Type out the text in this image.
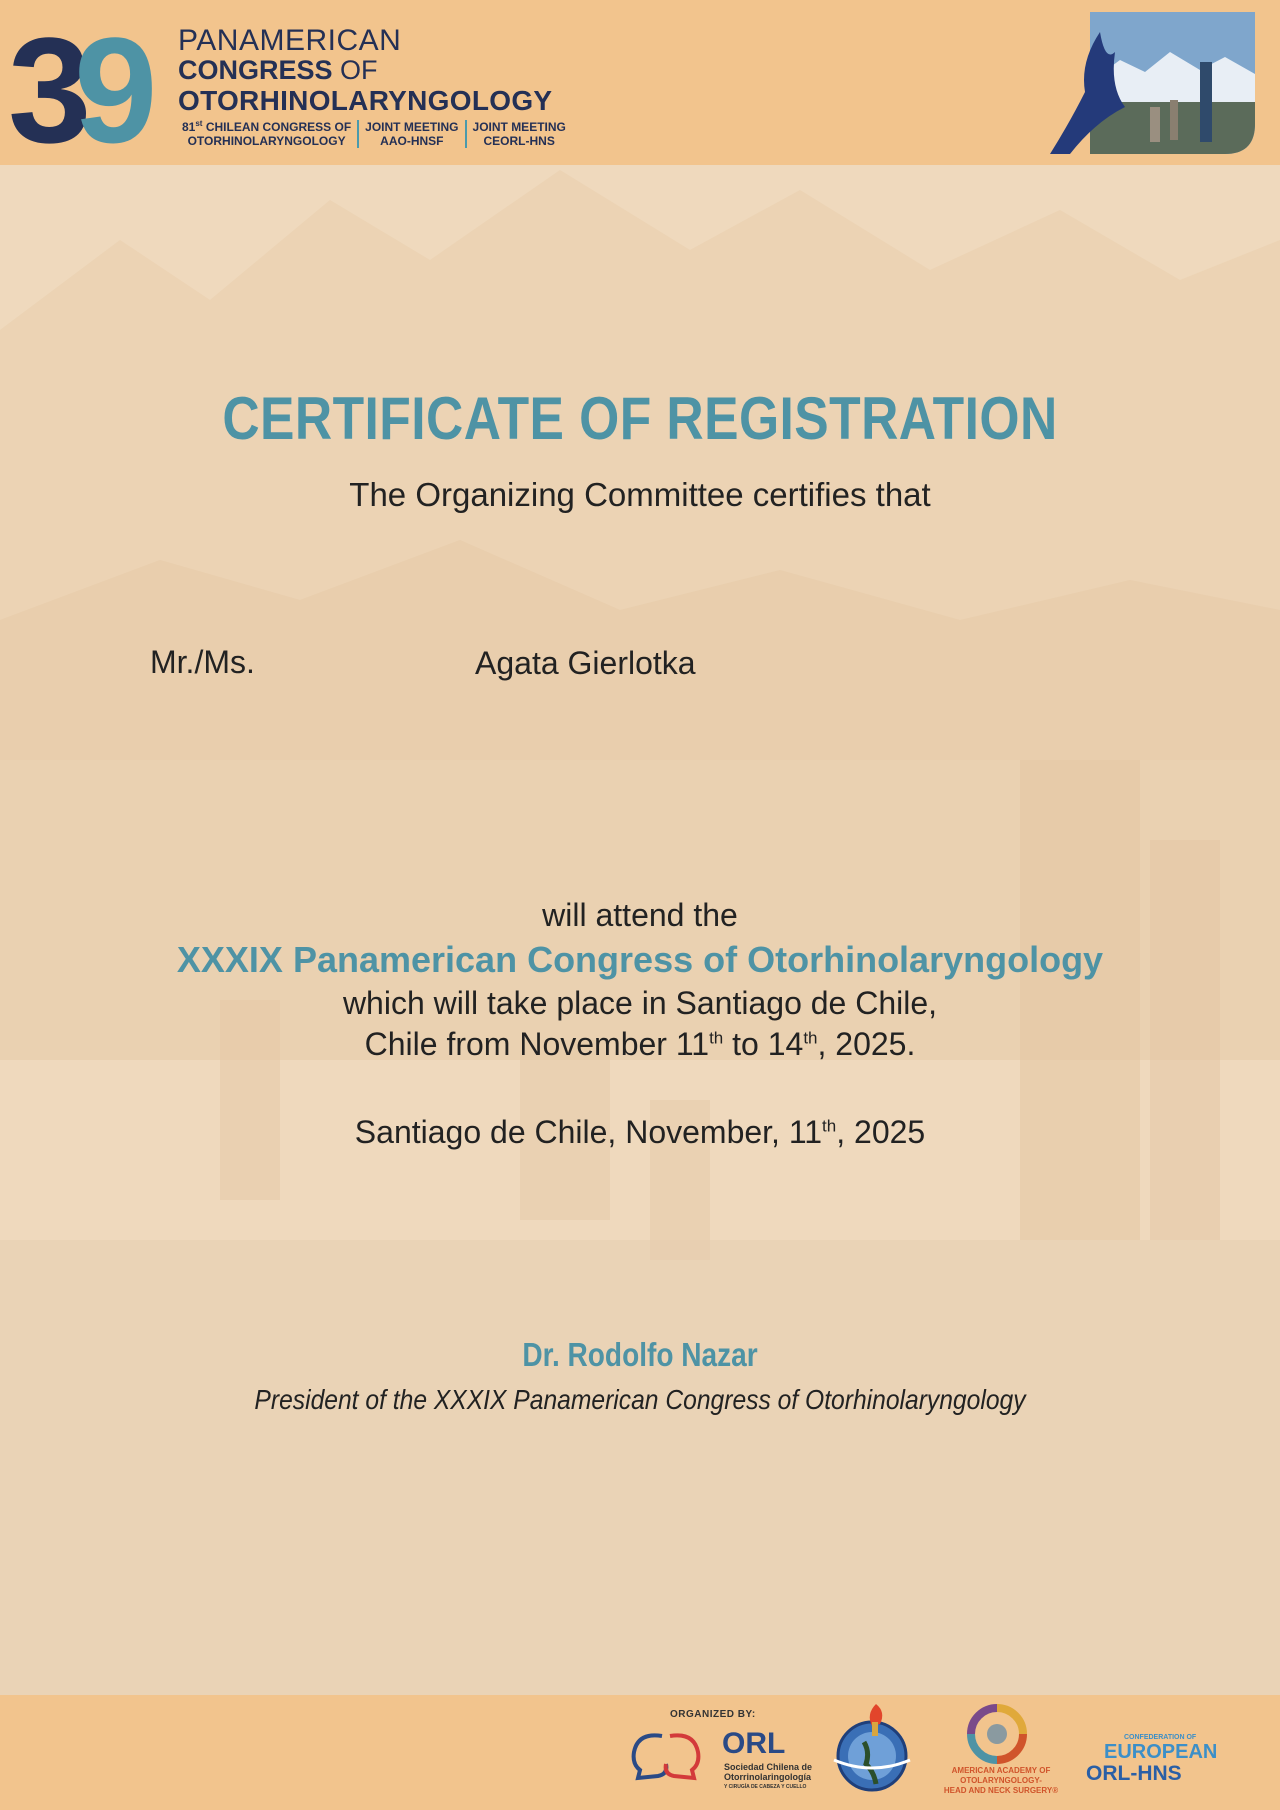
3 9 PANAMERICAN
CONGRESS OF
OTORHINOLARYNGOLOGY
81st CHILEAN CONGRESS OF
OTORHINOLARYNGOLOGY
JOINT MEETING
AAO-HNSF
JOINT MEETING
CEORL-HNS
CERTIFICATE OF REGISTRATION
The Organizing Committee certifies that
Mr./Ms.	Agata Gierlotka
will attend the
XXXIX Panamerican Congress of Otorhinolaryngology
which will take place in Santiago de Chile,
Chile from November 11th to 14th, 2025.
Santiago de Chile, November, 11th, 2025
Dr. Rodolfo Nazar
President of the XXXIX Panamerican Congress of Otorhinolaryngology
ORGANIZED BY:
ORL
Sociedad Chilena de
Otorrinolaringología
Y CIRUGÍA DE CABEZA Y CUELLO
AMERICAN ACADEMY OF
OTOLARYNGOLOGY-
HEAD AND NECK SURGERY®
CONFEDERATION OF
EUROPEAN
ORL-HNS
